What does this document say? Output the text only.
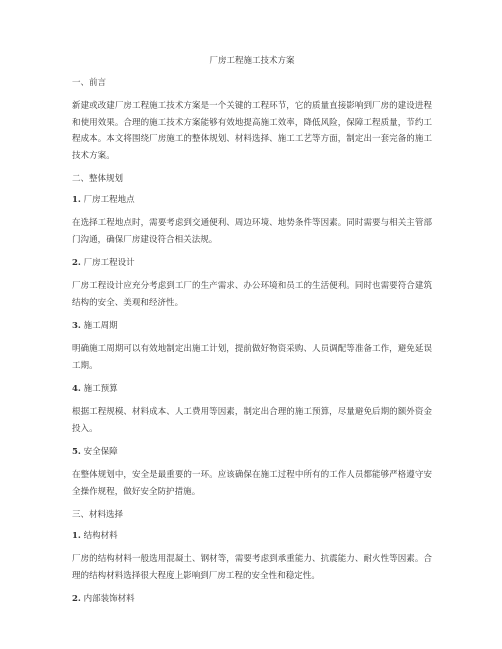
厂房工程施工技术方案
一、前言
新建或改建厂房工程施工技术方案是一个关键的工程环节，它的质量直接影响到厂房的建设进程和使用效果。合理的施工技术方案能够有效地提高施工效率，降低风险，保障工程质量，节约工程成本。本文将围绕厂房施工的整体规划、材料选择、施工工艺等方面，制定出一套完备的施工技术方案。
二、整体规划
1. 厂房工程地点
在选择工程地点时，需要考虑到交通便利、周边环境、地势条件等因素。同时需要与相关主管部门沟通，确保厂房建设符合相关法规。
2. 厂房工程设计
厂房工程设计应充分考虑到工厂的生产需求、办公环境和员工的生活便利。同时也需要符合建筑结构的安全、美观和经济性。
3. 施工周期
明确施工周期可以有效地制定出施工计划，提前做好物资采购、人员调配等准备工作，避免延误工期。
4. 施工预算
根据工程规模、材料成本、人工费用等因素，制定出合理的施工预算，尽量避免后期的额外资金投入。
5. 安全保障
在整体规划中，安全是最重要的一环。应该确保在施工过程中所有的工作人员都能够严格遵守安全操作规程，做好安全防护措施。
三、材料选择
1. 结构材料
厂房的结构材料一般选用混凝土、钢材等，需要考虑到承重能力、抗震能力、耐火性等因素。合理的结构材料选择很大程度上影响到厂房工程的安全性和稳定性。
2. 内部装饰材料
